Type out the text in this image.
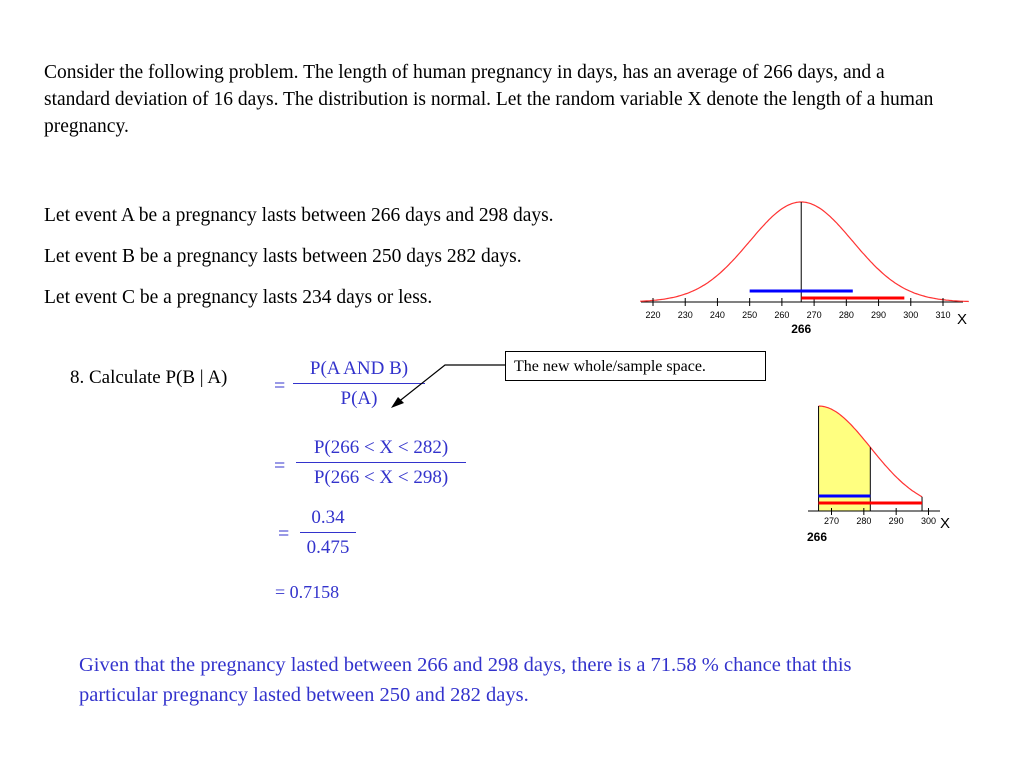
Consider the following problem. The length of human pregnancy in days, has an average of 266 days, and a standard deviation of 16 days. The distribution is normal. Let the random variable X denote the length of a human pregnancy.
Let event A be a pregnancy lasts between 266 days and 298 days.
Let event B be a pregnancy lasts between 250 days 282 days.
Let event C be a pregnancy lasts 234 days or less.
220 230 240 250 260 270 280 290 300 310
266
X
8. Calculate P(B | A) =
P(A AND B)
P(A)
The new whole/sample space.
=
P(266 < X < 282)
P(266 < X < 298)
=
0.34
0.475
= 0.7158
270 280 290 300
266
X
Given that the pregnancy lasted between 266 and 298 days, there is a 71.58 % chance that this particular pregnancy lasted between 250 and 282 days.
